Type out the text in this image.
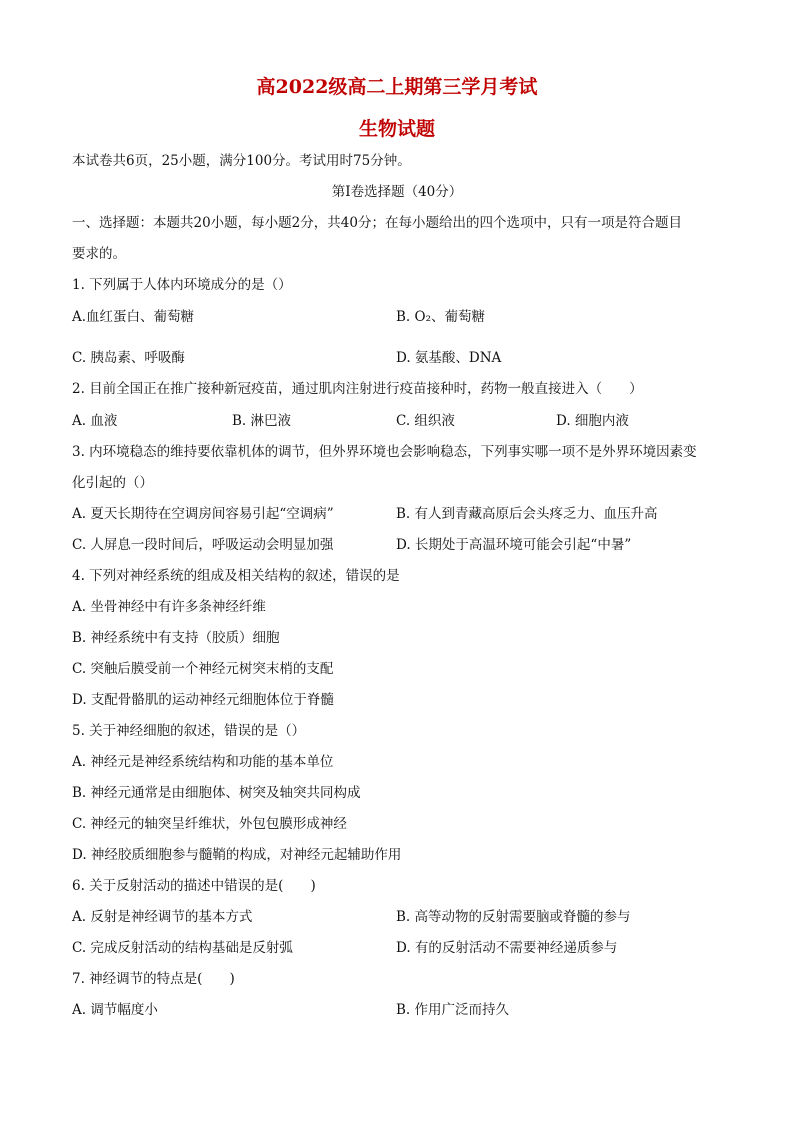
高2022级高二上期第三学月考试
生物试题

本试卷共6页，25小题，满分100分。考试用时75分钟。

第Ⅰ卷选择题（40分）

一、选择题：本题共20小题，每小题2分，共40分；在每小题给出的四个选项中，只有一项是符合题目

要求的。

1. 下列属于人体内环境成分的是（）

A.血红蛋白、葡萄糖	B. O₂、葡萄糖

C. 胰岛素、呼吸酶	D. 氨基酸、DNA

2. 目前全国正在推广接种新冠疫苗，通过肌肉注射进行疫苗接种时，药物一般直接进入（　　）

A. 血液	B. 淋巴液	C. 组织液	D. 细胞内液

3. 内环境稳态的维持要依靠机体的调节，但外界环境也会影响稳态，下列事实哪一项不是外界环境因素变

化引起的（）

A. 夏天长期待在空调房间容易引起“空调病”	B. 有人到青藏高原后会头疼乏力、血压升高

C. 人屏息一段时间后，呼吸运动会明显加强	D. 长期处于高温环境可能会引起“中暑”

4. 下列对神经系统的组成及相关结构的叙述，错误的是

A. 坐骨神经中有许多条神经纤维

B. 神经系统中有支持（胶质）细胞

C. 突触后膜受前一个神经元树突末梢的支配

D. 支配骨骼肌的运动神经元细胞体位于脊髓

5. 关于神经细胞的叙述，错误的是（）

A. 神经元是神经系统结构和功能的基本单位

B. 神经元通常是由细胞体、树突及轴突共同构成

C. 神经元的轴突呈纤维状，外包包膜形成神经

D. 神经胶质细胞参与髓鞘的构成，对神经元起辅助作用

6. 关于反射活动的描述中错误的是(　　)

A. 反射是神经调节的基本方式	B. 高等动物的反射需要脑或脊髓的参与

C. 完成反射活动的结构基础是反射弧	D. 有的反射活动不需要神经递质参与

7. 神经调节的特点是(　　)

A. 调节幅度小	B. 作用广泛而持久
